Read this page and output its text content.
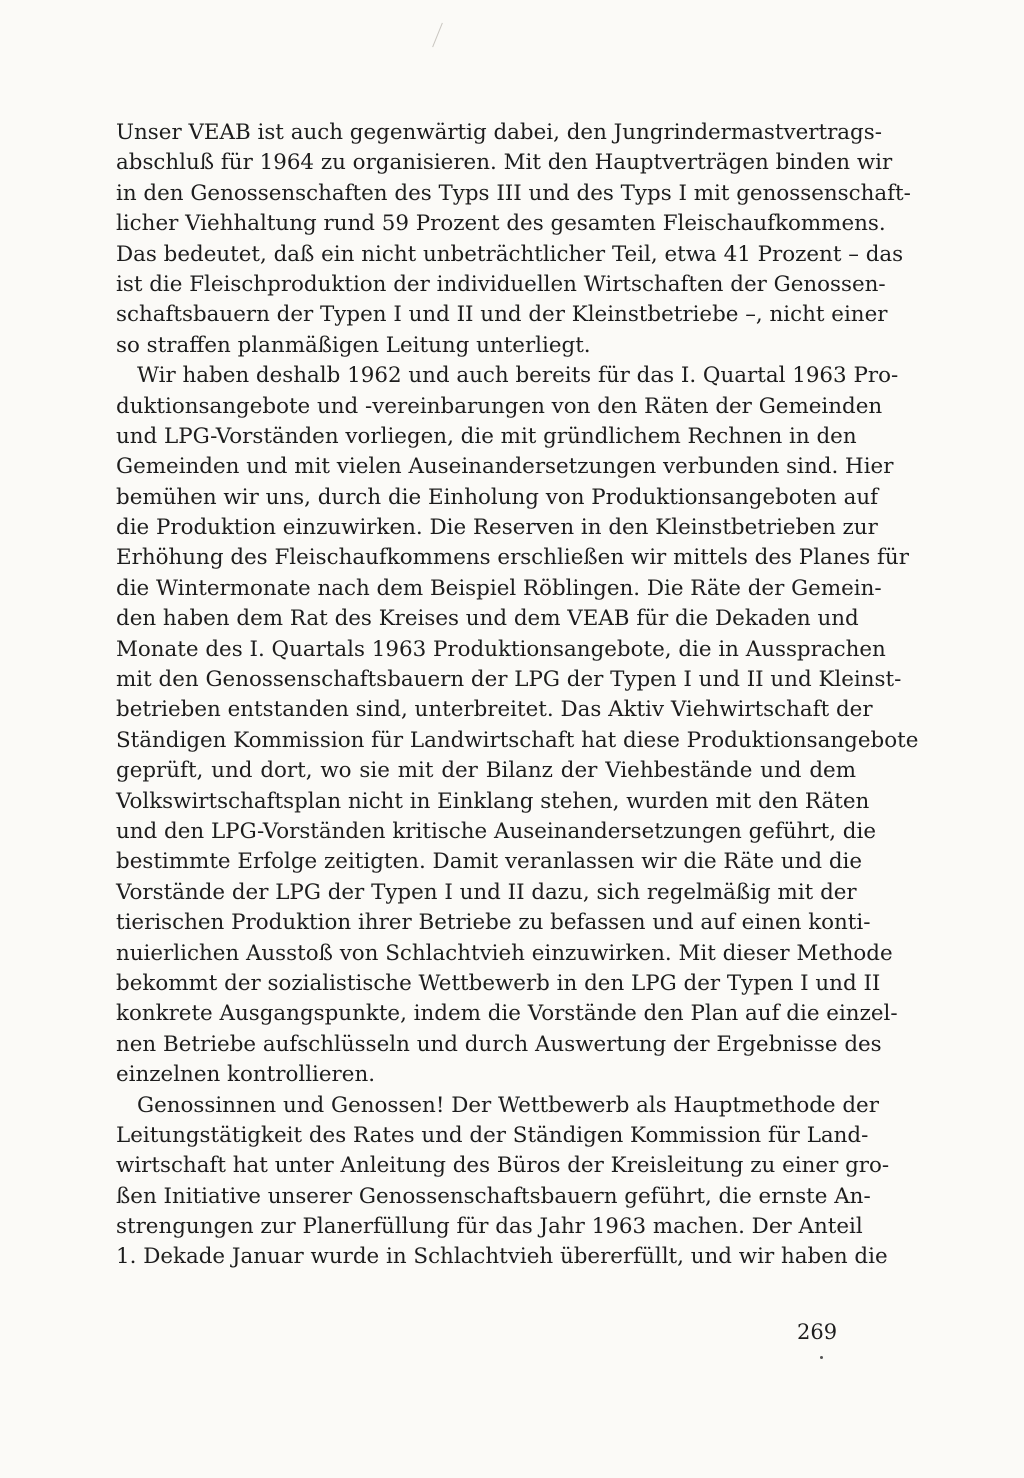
Unser VEAB ist auch gegenwärtig dabei, den Jungrindermastvertrags-
abschluß für 1964 zu organisieren. Mit den Hauptverträgen binden wir
in den Genossenschaften des Typs III und des Typs I mit genossenschaft-
licher Viehhaltung rund 59 Prozent des gesamten Fleischaufkommens.
Das bedeutet, daß ein nicht unbeträchtlicher Teil, etwa 41 Prozent – das
ist die Fleischproduktion der individuellen Wirtschaften der Genossen-
schaftsbauern der Typen I und II und der Kleinstbetriebe –, nicht einer
so straffen planmäßigen Leitung unterliegt.
Wir haben deshalb 1962 und auch bereits für das I. Quartal 1963 Pro-
duktionsangebote und -vereinbarungen von den Räten der Gemeinden
und LPG-Vorständen vorliegen, die mit gründlichem Rechnen in den
Gemeinden und mit vielen Auseinandersetzungen verbunden sind. Hier
bemühen wir uns, durch die Einholung von Produktionsangeboten auf
die Produktion einzuwirken. Die Reserven in den Kleinstbetrieben zur
Erhöhung des Fleischaufkommens erschließen wir mittels des Planes für
die Wintermonate nach dem Beispiel Röblingen. Die Räte der Gemein-
den haben dem Rat des Kreises und dem VEAB für die Dekaden und
Monate des I. Quartals 1963 Produktionsangebote, die in Aussprachen
mit den Genossenschaftsbauern der LPG der Typen I und II und Kleinst-
betrieben entstanden sind, unterbreitet. Das Aktiv Viehwirtschaft der
Ständigen Kommission für Landwirtschaft hat diese Produktionsangebote
geprüft, und dort, wo sie mit der Bilanz der Viehbestände und dem
Volkswirtschaftsplan nicht in Einklang stehen, wurden mit den Räten
und den LPG-Vorständen kritische Auseinandersetzungen geführt, die
bestimmte Erfolge zeitigten. Damit veranlassen wir die Räte und die
Vorstände der LPG der Typen I und II dazu, sich regelmäßig mit der
tierischen Produktion ihrer Betriebe zu befassen und auf einen konti-
nuierlichen Ausstoß von Schlachtvieh einzuwirken. Mit dieser Methode
bekommt der sozialistische Wettbewerb in den LPG der Typen I und II
konkrete Ausgangspunkte, indem die Vorstände den Plan auf die einzel-
nen Betriebe aufschlüsseln und durch Auswertung der Ergebnisse des
einzelnen kontrollieren.
Genossinnen und Genossen! Der Wettbewerb als Hauptmethode der
Leitungstätigkeit des Rates und der Ständigen Kommission für Land-
wirtschaft hat unter Anleitung des Büros der Kreisleitung zu einer gro-
ßen Initiative unserer Genossenschaftsbauern geführt, die ernste An-
strengungen zur Planerfüllung für das Jahr 1963 machen. Der Anteil
1. Dekade Januar wurde in Schlachtvieh übererfüllt, und wir haben die
269
